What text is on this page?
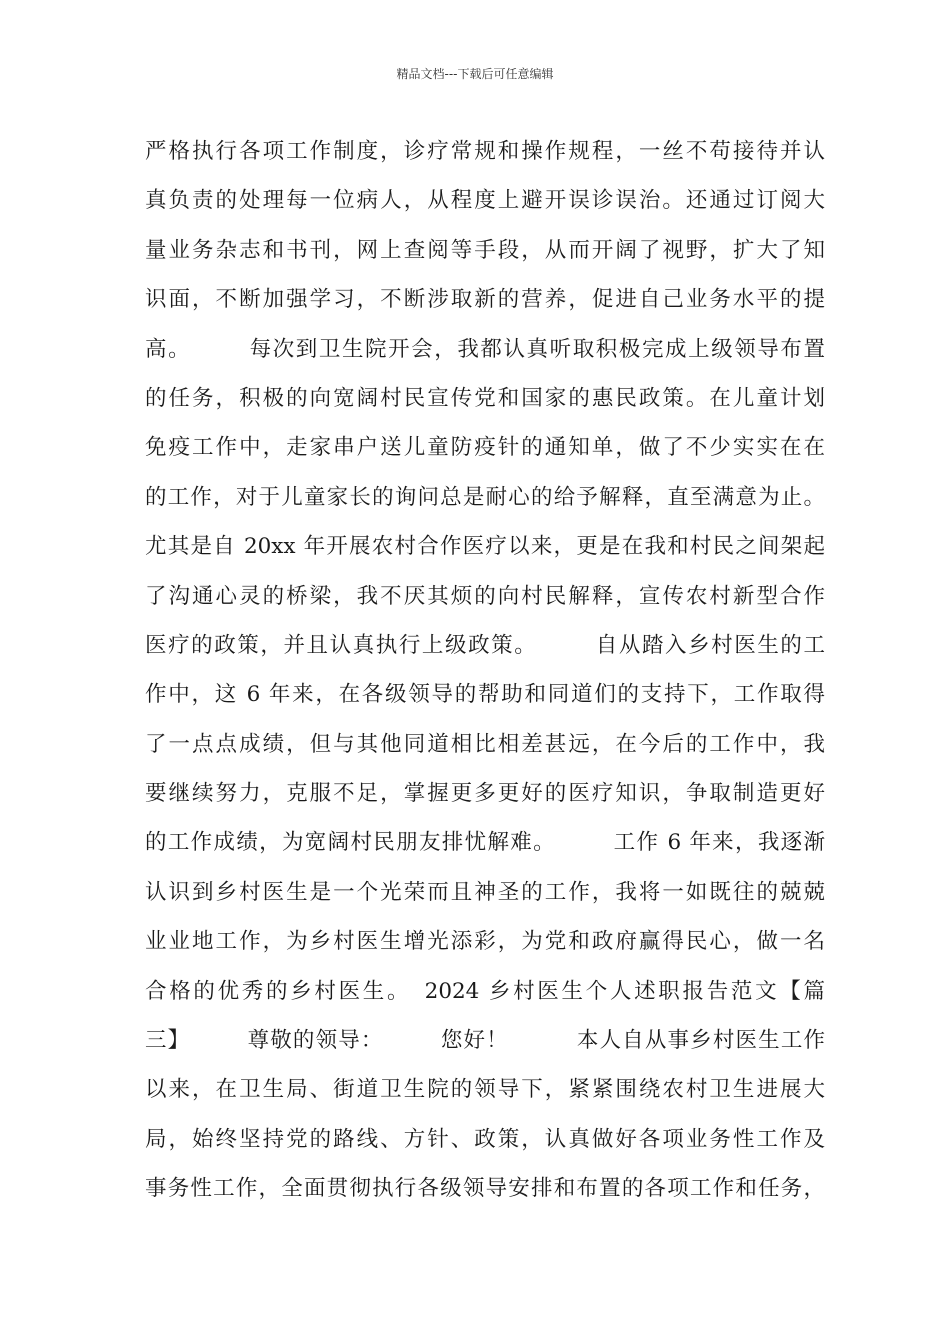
精品文档---下载后可任意编辑
严格执行各项工作制度，诊疗常规和操作规程，一丝不苟接待并认
真负责的处理每一位病人，从程度上避开误诊误治。还通过订阅大
量业务杂志和书刊，网上查阅等手段，从而开阔了视野，扩大了知
识面，不断加强学习，不断涉取新的营养，促进自己业务水平的提
高。　　　每次到卫生院开会，我都认真听取积极完成上级领导布置
的任务，积极的向宽阔村民宣传党和国家的惠民政策。在儿童计划
免疫工作中，走家串户送儿童防疫针的通知单，做了不少实实在在
的工作，对于儿童家长的询问总是耐心的给予解释，直至满意为止。
尤其是自 20xx 年开展农村合作医疗以来，更是在我和村民之间架起
了沟通心灵的桥梁，我不厌其烦的向村民解释，宣传农村新型合作
医疗的政策，并且认真执行上级政策。　　　自从踏入乡村医生的工
作中，这 6 年来，在各级领导的帮助和同道们的支持下，工作取得
了一点点成绩，但与其他同道相比相差甚远，在今后的工作中，我
要继续努力，克服不足，掌握更多更好的医疗知识，争取制造更好
的工作成绩，为宽阔村民朋友排忧解难。　　　工作 6 年来，我逐渐
认识到乡村医生是一个光荣而且神圣的工作，我将一如既往的兢兢
业业地工作，为乡村医生增光添彩，为党和政府赢得民心，做一名
合格的优秀的乡村医生。　2024 乡村医生个人述职报告范文【篇
三】　　　尊敬的领导：　　　您好！　　　本人自从事乡村医生工作
以来，在卫生局、街道卫生院的领导下，紧紧围绕农村卫生进展大
局，始终坚持党的路线、方针、政策，认真做好各项业务性工作及
事务性工作，全面贯彻执行各级领导安排和布置的各项工作和任务，
